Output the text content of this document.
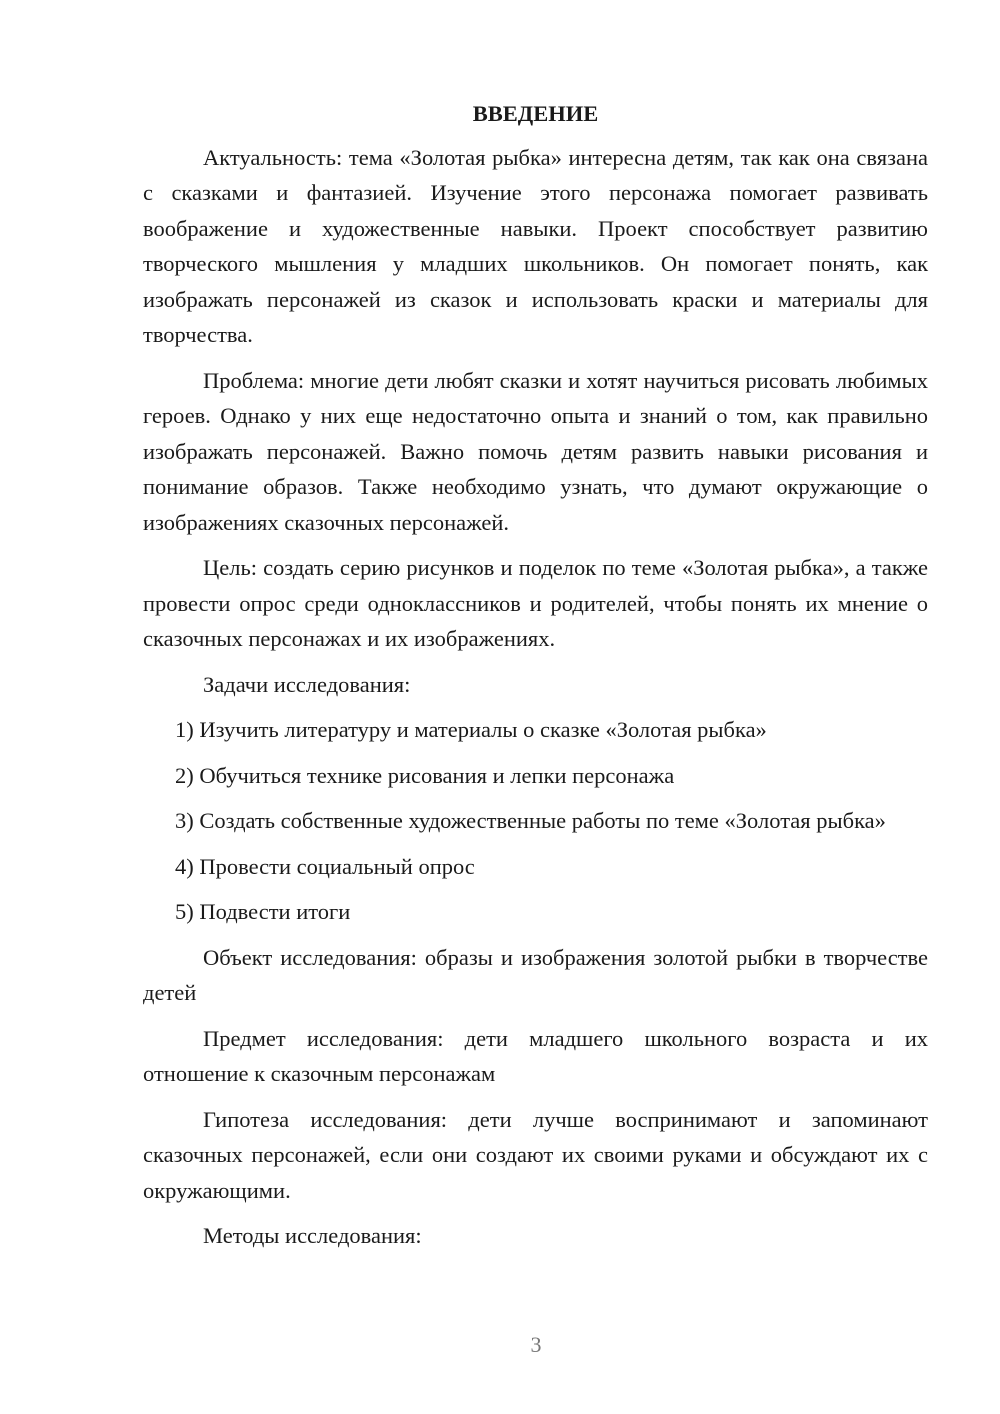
ВВЕДЕНИЕ

Актуальность: тема «Золотая рыбка» интересна детям, так как она связана с сказками и фантазией. Изучение этого персонажа помогает развивать воображение и художественные навыки. Проект способствует развитию творческого мышления у младших школьников. Он помогает понять, как изображать персонажей из сказок и использовать краски и материалы для творчества.

Проблема: многие дети любят сказки и хотят научиться рисовать любимых героев. Однако у них еще недостаточно опыта и знаний о том, как правильно изображать персонажей. Важно помочь детям развить навыки рисования и понимание образов. Также необходимо узнать, что думают окружающие о изображениях сказочных персонажей.

Цель: создать серию рисунков и поделок по теме «Золотая рыбка», а также провести опрос среди одноклассников и родителей, чтобы понять их мнение о сказочных персонажах и их изображениях.

Задачи исследования:

1) Изучить литературу и материалы о сказке «Золотая рыбка»

2) Обучиться технике рисования и лепки персонажа

3) Создать собственные художественные работы по теме «Золотая рыбка»

4) Провести социальный опрос

5) Подвести итоги

Объект исследования: образы и изображения золотой рыбки в творчестве детей

Предмет исследования: дети младшего школьного возраста и их отношение к сказочным персонажам

Гипотеза исследования: дети лучше воспринимают и запоминают сказочных персонажей, если они создают их своими руками и обсуждают их с окружающими.

Методы исследования:

3
